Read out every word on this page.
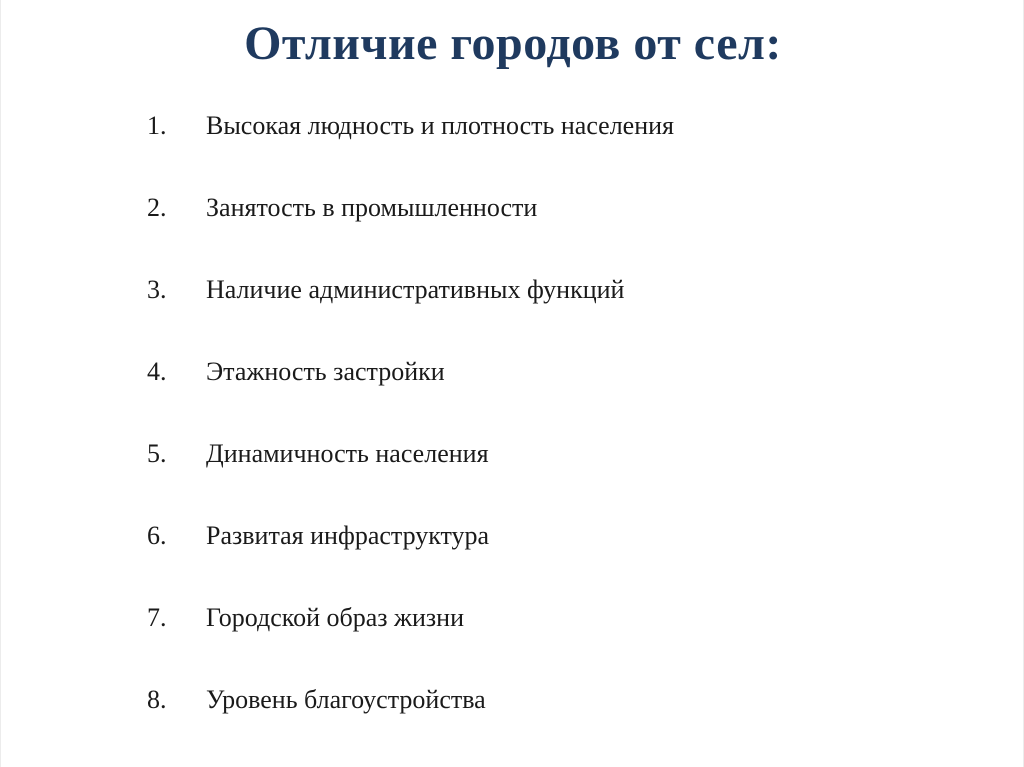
Отличие городов от сел:
1. Высокая людность и плотность населения
2. Занятость в промышленности
3. Наличие административных функций
4. Этажность застройки
5. Динамичность населения
6. Развитая инфраструктура
7. Городской образ жизни
8. Уровень благоустройства
